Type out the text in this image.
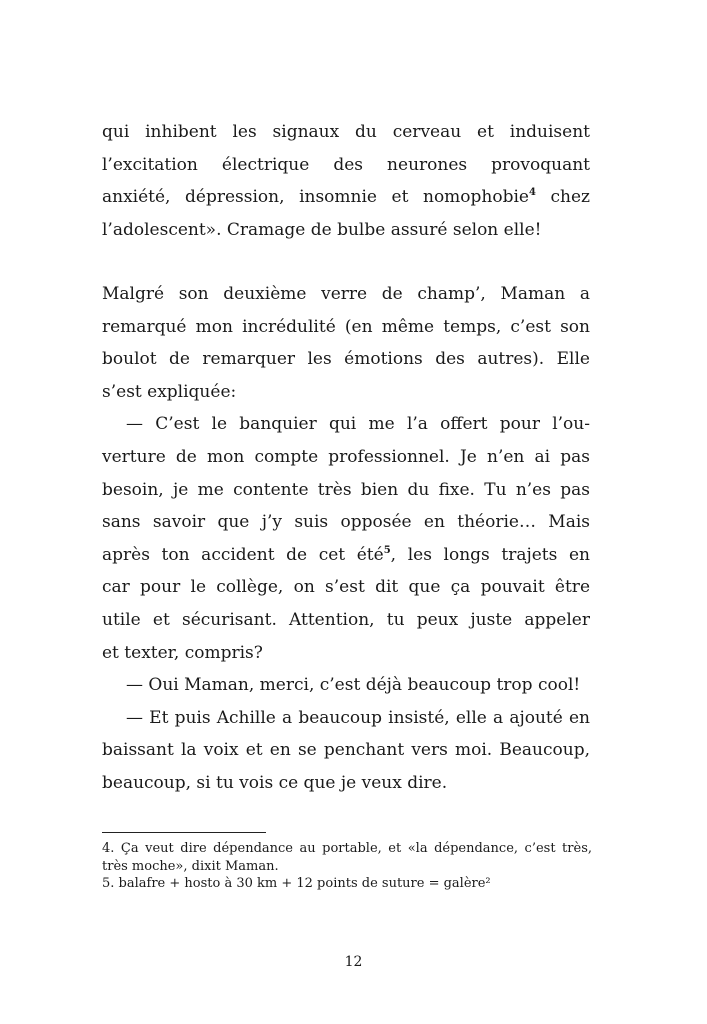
qui inhibent les signaux du cerveau et induisent
l’excitation électrique des neurones provoquant
anxiété, dépression, insomnie et nomophobie$^4$ chez
l’adolescent». Cramage de bulbe assuré selon elle!
Malgré son deuxième verre de champ’, Maman a
remarqué mon incrédulité (en même temps, c’est son
boulot de remarquer les émotions des autres). Elle
s’est expliquée:
— C’est le banquier qui me l’a offert pour l’ou-
verture de mon compte professionnel. Je n’en ai pas
besoin, je me contente très bien du fixe. Tu n’es pas
sans savoir que j’y suis opposée en théorie… Mais
après ton accident de cet été$^5$, les longs trajets en
car pour le collège, on s’est dit que ça pouvait être
utile et sécurisant. Attention, tu peux juste appeler
et texter, compris?
— Oui Maman, merci, c’est déjà beaucoup trop cool!
— Et puis Achille a beaucoup insisté, elle a ajouté en
baissant la voix et en se penchant vers moi. Beaucoup,
beaucoup, si tu vois ce que je veux dire.
4. Ça veut dire dépendance au portable, et «la dépendance, c’est très,
très moche», dixit Maman.
5. balafre + hosto à 30 km + 12 points de suture = galère²
12
